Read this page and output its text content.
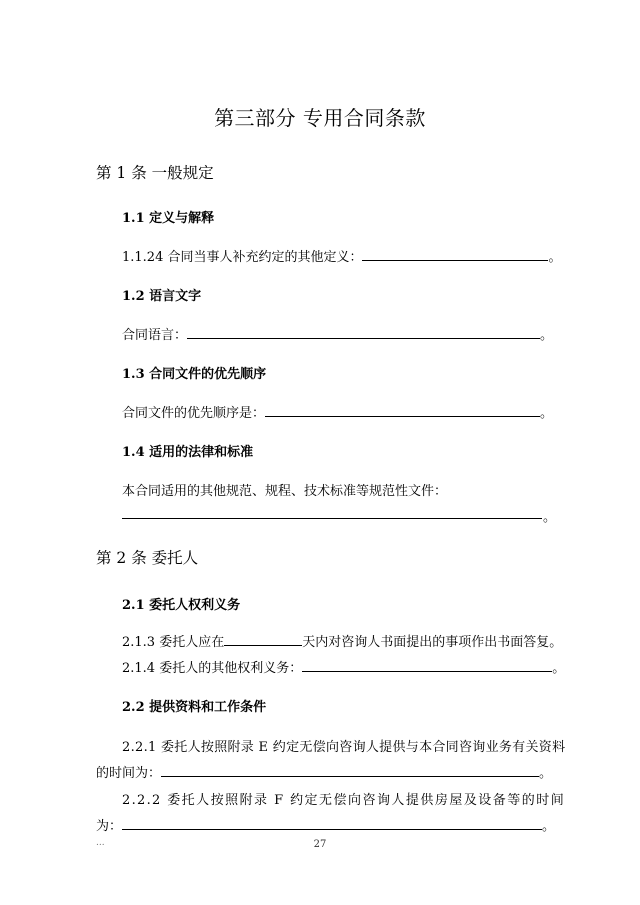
第三部分 专用合同条款
第 1 条 一般规定
1.1 定义与解释
1.1.24 合同当事人补充约定的其他定义：	。
1.2 语言文字
合同语言：	。
1.3 合同文件的优先顺序
合同文件的优先顺序是：	。
1.4 适用的法律和标准
本合同适用的其他规范、规程、技术标准等规范性文件：
。
第 2 条 委托人
2.1 委托人权利义务
2.1.3 委托人应在	天内对咨询人书面提出的事项作出书面答复。
2.1.4 委托人的其他权利义务：	。
2.2 提供资料和工作条件
2.2.1 委托人按照附录 E 约定无偿向咨询人提供与本合同咨询业务有关资料
的时间为：	。
2.2.2 委托人按照附录 F 约定无偿向咨询人提供房屋及设备等的时间
为：	。
...	27
